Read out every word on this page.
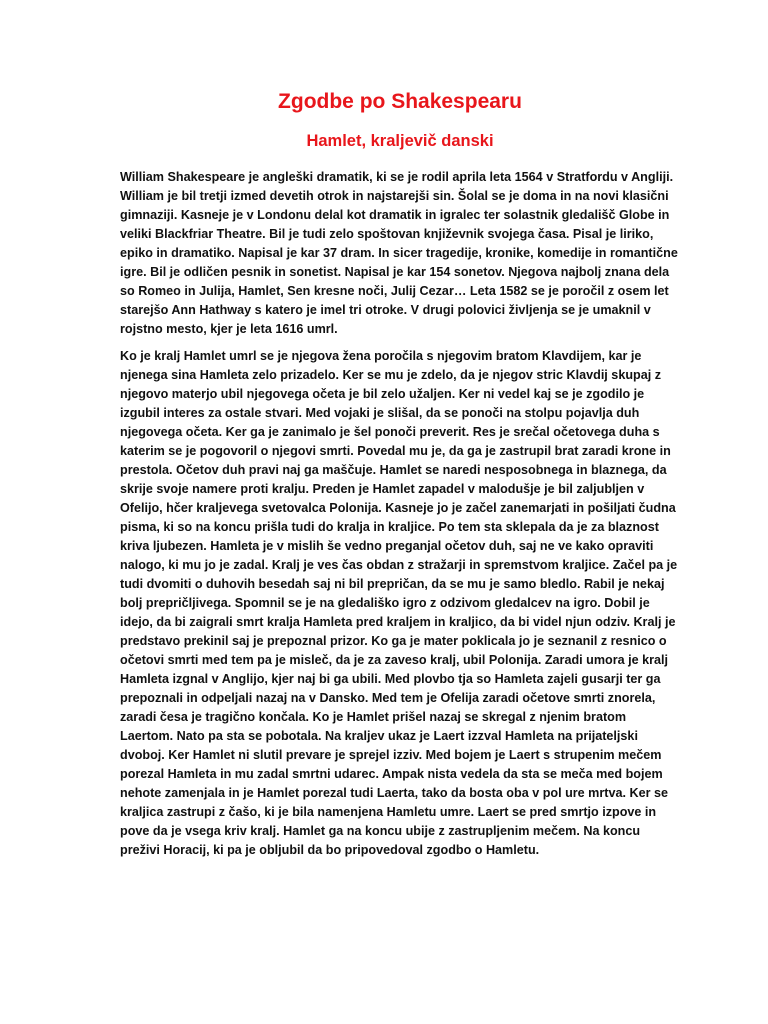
Zgodbe po Shakespearu
Hamlet, kraljevič danski

William Shakespeare je angleški dramatik, ki se je rodil aprila leta 1564 v Stratfordu v Angliji. William je bil tretji izmed devetih otrok in najstarejši sin. Šolal se je doma in na novi klasični gimnaziji. Kasneje je v Londonu delal kot dramatik in igralec ter solastnik gledališč Globe in veliki Blackfriar Theatre. Bil je tudi zelo spoštovan književnik svojega časa. Pisal je liriko, epiko in dramatiko. Napisal je kar 37 dram. In sicer tragedije, kronike, komedije in romantične igre. Bil je odličen pesnik in sonetist. Napisal je kar 154 sonetov. Njegova najbolj znana dela so Romeo in Julija, Hamlet, Sen kresne noči, Julij Cezar… Leta 1582 se je poročil z osem let starejšo Ann Hathway s katero je imel tri otroke. V drugi polovici življenja se je umaknil v rojstno mesto, kjer je leta 1616 umrl.

Ko je kralj Hamlet umrl se je njegova žena poročila s njegovim bratom Klavdijem, kar je njenega sina Hamleta zelo prizadelo. Ker se mu je zdelo, da je njegov stric Klavdij skupaj z njegovo materjo ubil njegovega očeta je bil zelo užaljen. Ker ni vedel kaj se je zgodilo je izgubil interes za ostale stvari. Med vojaki je slišal, da se ponoči na stolpu pojavlja duh njegovega očeta. Ker ga je zanimalo je šel ponoči preverit. Res je srečal očetovega duha s katerim se je pogovoril o njegovi smrti. Povedal mu je, da ga je zastrupil brat zaradi krone in prestola. Očetov duh pravi naj ga maščuje. Hamlet se naredi nesposobnega in blaznega, da skrije svoje namere proti kralju. Preden je Hamlet zapadel v malodušje je bil zaljubljen v Ofelijo, hčer kraljevega svetovalca Polonija. Kasneje jo je začel zanemarjati in pošiljati čudna pisma, ki so na koncu prišla tudi do kralja in kraljice. Po tem sta sklepala da je za blaznost kriva ljubezen. Hamleta je v mislih še vedno preganjal očetov duh, saj ne ve kako opraviti nalogo, ki mu jo je zadal. Kralj je ves čas obdan z stražarji in spremstvom kraljice. Začel pa je tudi dvomiti o duhovih besedah saj ni bil prepričan, da se mu je samo bledlo. Rabil je nekaj bolj prepričljivega. Spomnil se je na gledališko igro z odzivom gledalcev na igro. Dobil je idejo, da bi zaigrali smrt kralja Hamleta pred kraljem in kraljico, da bi videl njun odziv. Kralj je predstavo prekinil saj je prepoznal prizor. Ko ga je mater poklicala jo je seznanil z resnico o očetovi smrti med tem pa je misleč, da je za zaveso kralj, ubil Polonija. Zaradi umora je kralj Hamleta izgnal v Anglijo, kjer naj bi ga ubili. Med plovbo tja so Hamleta zajeli gusarji ter ga prepoznali in odpeljali nazaj na v Dansko. Med tem je Ofelija zaradi očetove smrti znorela, zaradi česa je tragično končala. Ko je Hamlet prišel nazaj se skregal z njenim bratom Laertom. Nato pa sta se pobotala. Na kraljev ukaz je Laert izzval Hamleta na prijateljski dvoboj. Ker Hamlet ni slutil prevare je sprejel izziv. Med bojem je Laert s strupenim mečem porezal Hamleta in mu zadal smrtni udarec. Ampak nista vedela da sta se meča med bojem nehote zamenjala in je Hamlet porezal tudi Laerta, tako da bosta oba v pol ure mrtva. Ker se kraljica zastrupi z čašo, ki je bila namenjena Hamletu umre. Laert se pred smrtjo izpove in pove da je vsega kriv kralj. Hamlet ga na koncu ubije z zastrupljenim mečem. Na koncu preživi Horacij, ki pa je obljubil da bo pripovedoval zgodbo o Hamletu.
